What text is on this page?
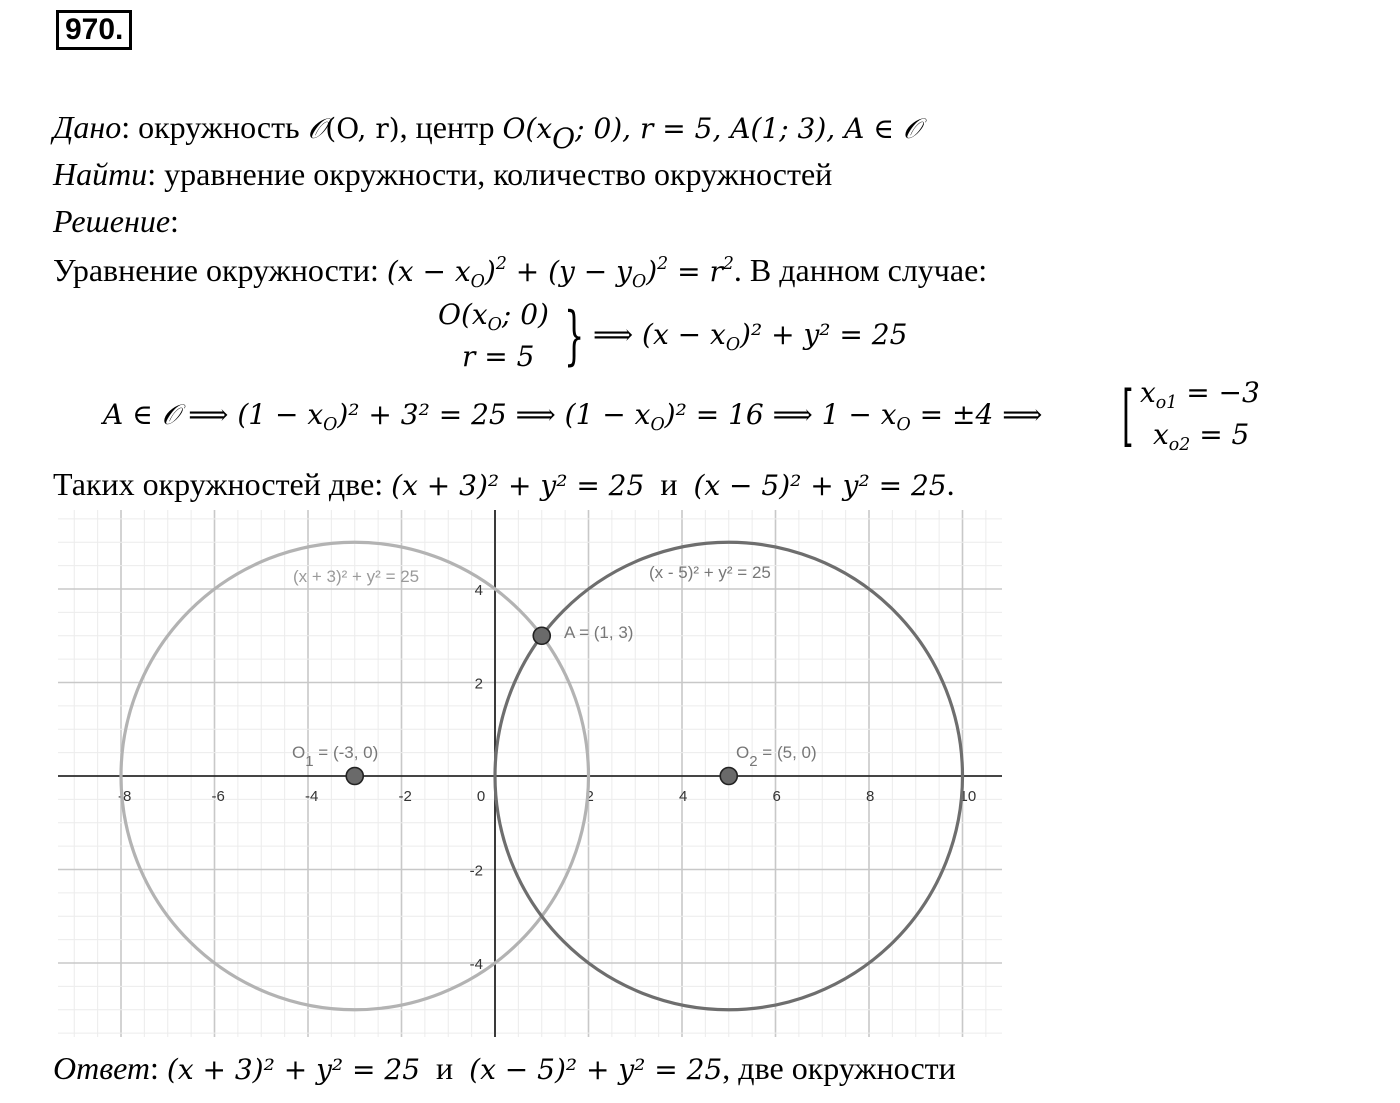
970.
Дано: окружность 𝒪(O, r), центр $O(x_O$; 0), r = 5, A(1; 3), A ∈ 𝒪
Найти: уравнение окружности, количество окружностей
Решение:
Уравнение окружности: $(x - x_O)^2 + (y - y_O)^2 = r^2$. В данном случае:
$O(x_O$; 0)
r = 5 } ⟹ $(x - x_O)^2 + y^2 = 25$
A ∈ 𝒪 ⟹ $(1 - x_O)^2 + 3^2 = 25$ ⟹ $(1 - x_O)^2 = 16$ ⟹ $1 - x_O = \pm 4$ ⟹ [ $x_{o1} = -3$
$x_{o2} = 5$
Таких окружностей две: (x + 3)² + y² = 25 и (x − 5)² + y² = 25.
-8	-6	-4	-2	0	2	4	6	8	10
4
2
-2
-4
(x + 3)² + y² = 25	(x - 5)² + y² = 25
A = (1, 3)
O1 = (-3, 0)	O2 = (5, 0)
Ответ: (x + 3)² + y² = 25 и (x − 5)² + y² = 25, две окружности
